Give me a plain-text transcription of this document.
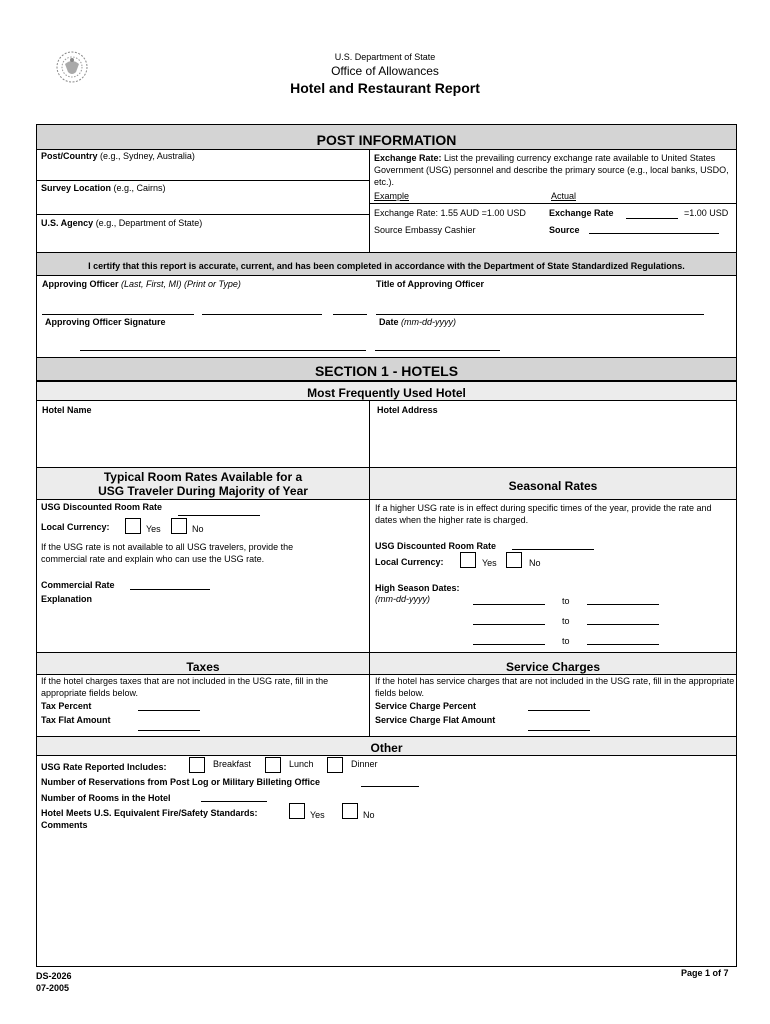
U.S. Department of State
Office of Allowances
Hotel and Restaurant Report
POST INFORMATION
Post/Country (e.g., Sydney, Australia)
Survey Location (e.g., Cairns)
U.S. Agency (e.g., Department of State)
Exchange Rate: List the prevailing currency exchange rate available to United States Government (USG) personnel and describe the primary source (e.g., local banks, USDO, etc.).
Example	Actual
Exchange Rate: 1.55 AUD =1.00 USD	Exchange Rate	=1.00 USD
Source Embassy Cashier	Source
I certify that this report is accurate, current, and has been completed in accordance with the Department of State Standardized Regulations.
Approving Officer (Last, First, MI) (Print or Type)	Title of Approving Officer
Approving Officer Signature	Date (mm-dd-yyyy)
SECTION 1 - HOTELS
Most Frequently Used Hotel
Hotel Name	Hotel Address
Typical Room Rates Available for a
USG Traveler During Majority of Year	Seasonal Rates
USG Discounted Room Rate
Local Currency:	Yes	No
If the USG rate is not available to all USG travelers, provide the commercial rate and explain who can use the USG rate.
Commercial Rate
Explanation
If a higher USG rate is in effect during specific times of the year, provide the rate and dates when the higher rate is charged.
USG Discounted Room Rate
Local Currency:	Yes	No
High Season Dates:
(mm-dd-yyyy)	to
to
to
Taxes	Service Charges
If the hotel charges taxes that are not included in the USG rate, fill in the appropriate fields below.
Tax Percent
Tax Flat Amount
If the hotel has service charges that are not included in the USG rate, fill in the appropriate fields below.
Service Charge Percent
Service Charge Flat Amount
Other
USG Rate Reported Includes:	Breakfast	Lunch	Dinner
Number of Reservations from Post Log or Military Billeting Office
Number of Rooms in the Hotel
Hotel Meets U.S. Equivalent Fire/Safety Standards:	Yes	No
Comments
DS-2026
07-2005
Page 1 of 7
